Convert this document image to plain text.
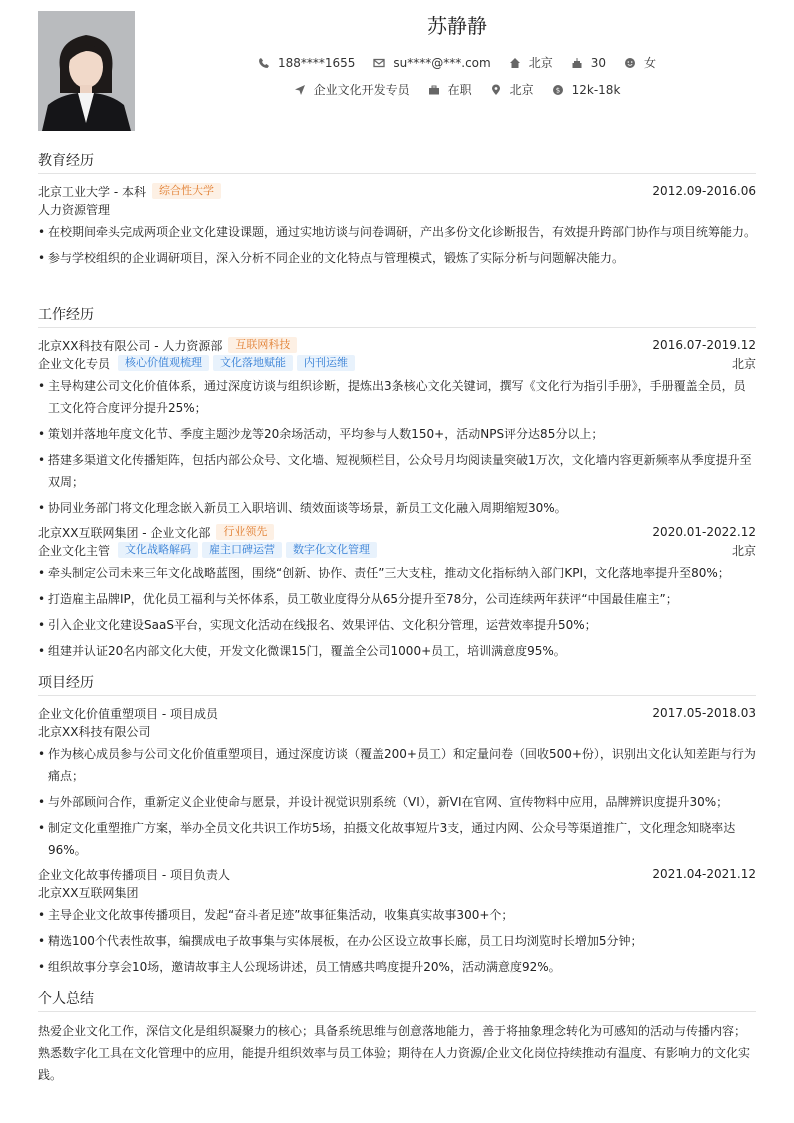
苏静静
188****1655	su****@***.com	北京	30	女
企业文化开发专员	在职	北京	$ 12k-18k
教育经历
北京工业大学 - 本科	综合性大学	2012.09-2016.06
人力资源管理
• 在校期间牵头完成两项企业文化建设课题，通过实地访谈与问卷调研，产出多份文化诊断报告，有效提升跨部门协作与项目统筹能力。
• 参与学校组织的企业调研项目，深入分析不同企业的文化特点与管理模式，锻炼了实际分析与问题解决能力。
工作经历
北京XX科技有限公司 - 人力资源部	互联网科技	2016.07-2019.12
企业文化专员	核心价值观梳理	文化落地赋能	内刊运维	北京
• 主导构建公司文化价值体系，通过深度访谈与组织诊断，提炼出3条核心文化关键词，撰写《文化行为指引手册》，手册覆盖全员，员工文化符合度评分提升25%；
• 策划并落地年度文化节、季度主题沙龙等20余场活动，平均参与人数150+，活动NPS评分达85分以上；
• 搭建多渠道文化传播矩阵，包括内部公众号、文化墙、短视频栏目，公众号月均阅读量突破1万次，文化墙内容更新频率从季度提升至双周；
• 协同业务部门将文化理念嵌入新员工入职培训、绩效面谈等场景，新员工文化融入周期缩短30%。
北京XX互联网集团 - 企业文化部	行业领先	2020.01-2022.12
企业文化主管	文化战略解码	雇主口碑运营	数字化文化管理	北京
• 牵头制定公司未来三年文化战略蓝图，围绕“创新、协作、责任”三大支柱，推动文化指标纳入部门KPI，文化落地率提升至80%；
• 打造雇主品牌IP，优化员工福利与关怀体系，员工敬业度得分从65分提升至78分，公司连续两年获评“中国最佳雇主”；
• 引入企业文化建设SaaS平台，实现文化活动在线报名、效果评估、文化积分管理，运营效率提升50%；
• 组建并认证20名内部文化大使，开发文化微课15门，覆盖全公司1000+员工，培训满意度95%。
项目经历
企业文化价值重塑项目 - 项目成员	2017.05-2018.03
北京XX科技有限公司
• 作为核心成员参与公司文化价值重塑项目，通过深度访谈（覆盖200+员工）和定量问卷（回收500+份），识别出文化认知差距与行为痛点；
• 与外部顾问合作，重新定义企业使命与愿景，并设计视觉识别系统（VI），新VI在官网、宣传物料中应用，品牌辨识度提升30%；
• 制定文化重塑推广方案，举办全员文化共识工作坊5场，拍摄文化故事短片3支，通过内网、公众号等渠道推广，文化理念知晓率达96%。
企业文化故事传播项目 - 项目负责人	2021.04-2021.12
北京XX互联网集团
• 主导企业文化故事传播项目，发起“奋斗者足迹”故事征集活动，收集真实故事300+个；
• 精选100个代表性故事，编撰成电子故事集与实体展板，在办公区设立故事长廊，员工日均浏览时长增加5分钟；
• 组织故事分享会10场，邀请故事主人公现场讲述，员工情感共鸣度提升20%，活动满意度92%。
个人总结
热爱企业文化工作，深信文化是组织凝聚力的核心；具备系统思维与创意落地能力，善于将抽象理念转化为可感知的活动与传播内容；熟悉数字化工具在文化管理中的应用，能提升组织效率与员工体验；期待在人力资源/企业文化岗位持续推动有温度、有影响力的文化实践。
